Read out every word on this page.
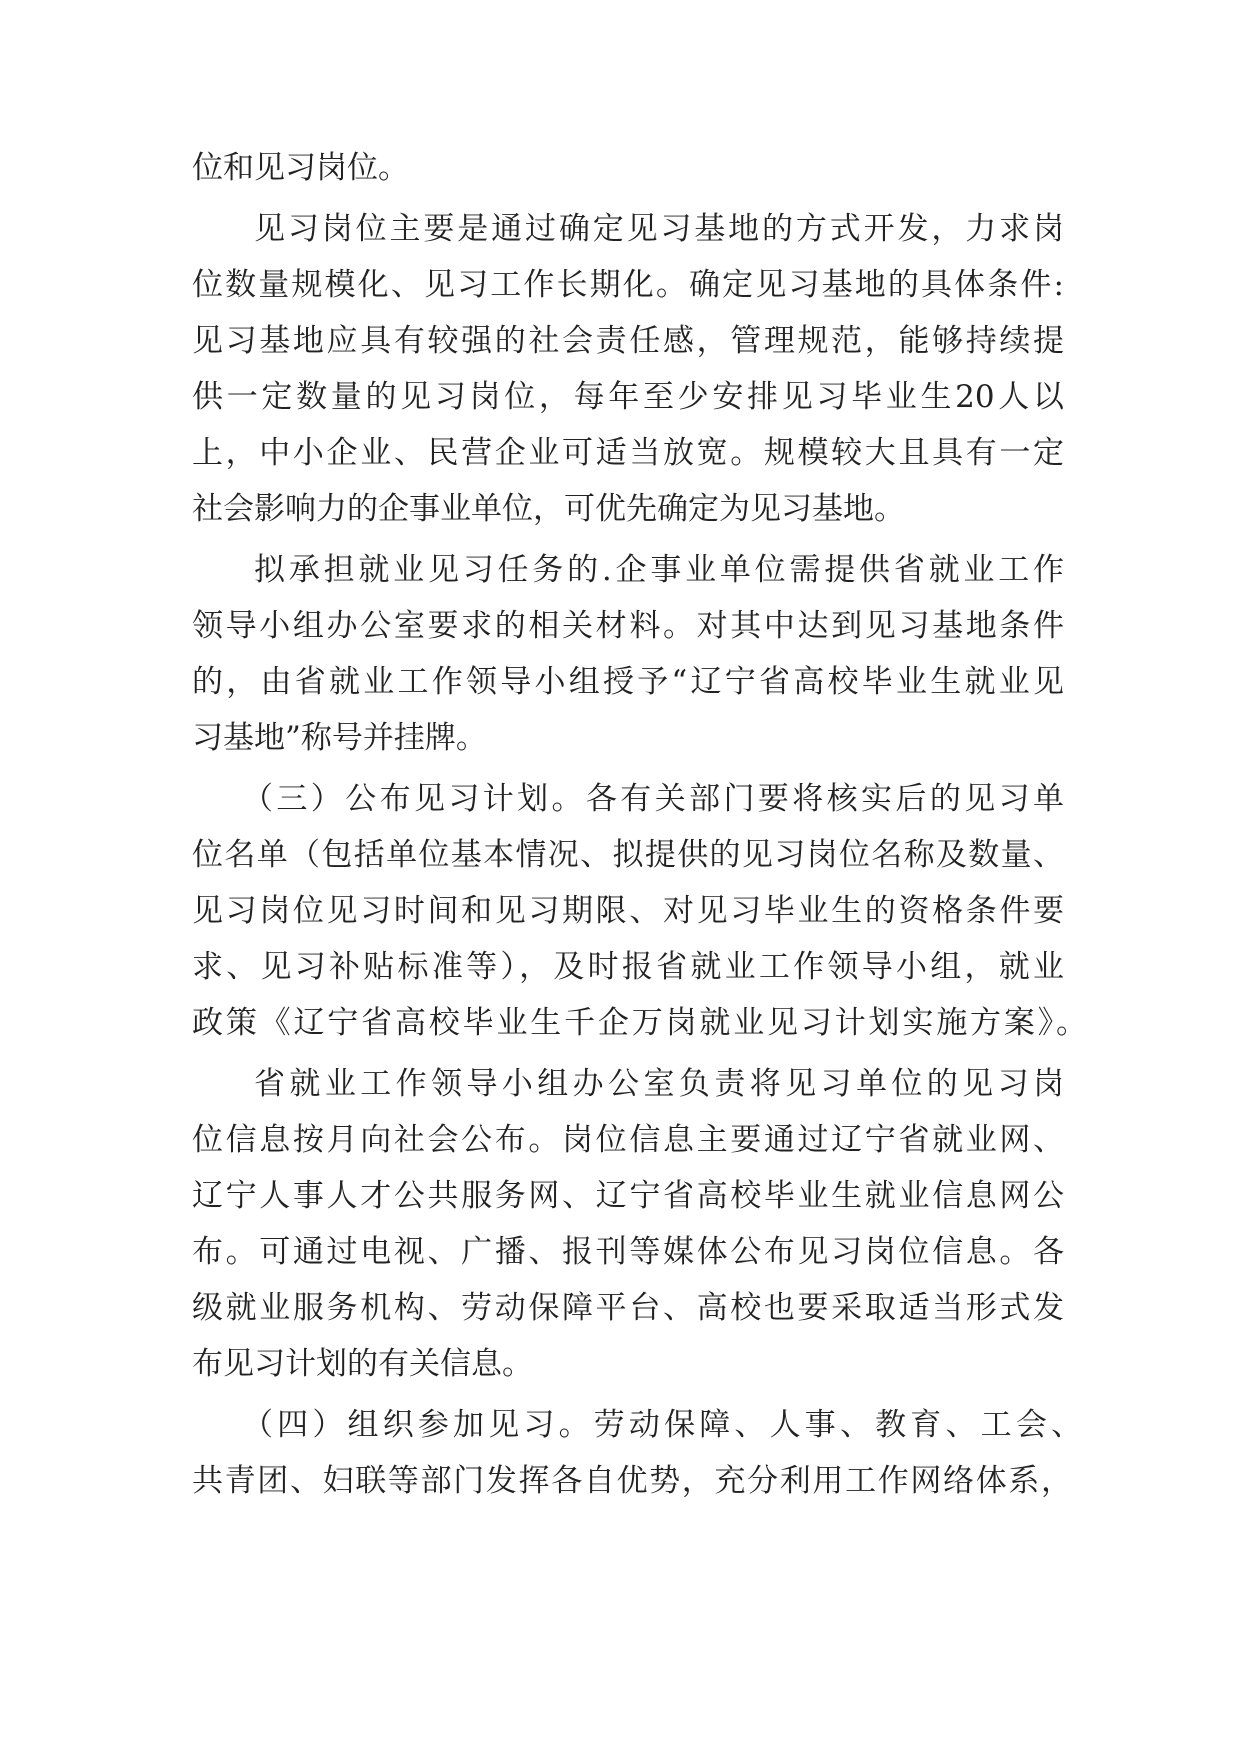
位和见习岗位。
见习岗位主要是通过确定见习基地的方式开发，力求岗
位数量规模化、见习工作长期化。确定见习基地的具体条件:
见习基地应具有较强的社会责任感，管理规范，能够持续提
供一定数量的见习岗位，每年至少安排见习毕业生20人以
上，中小企业、民营企业可适当放宽。规模较大且具有一定
社会影响力的企事业单位，可优先确定为见习基地。
拟承担就业见习任务的.企事业单位需提供省就业工作
领导小组办公室要求的相关材料。对其中达到见习基地条件
的，由省就业工作领导小组授予“辽宁省高校毕业生就业见
习基地”称号并挂牌。
（三）公布见习计划。各有关部门要将核实后的见习单
位名单（包括单位基本情况、拟提供的见习岗位名称及数量、
见习岗位见习时间和见习期限、对见习毕业生的资格条件要
求、见习补贴标准等），及时报省就业工作领导小组，就业
政策《辽宁省高校毕业生千企万岗就业见习计划实施方案》。
省就业工作领导小组办公室负责将见习单位的见习岗
位信息按月向社会公布。岗位信息主要通过辽宁省就业网、
辽宁人事人才公共服务网、辽宁省高校毕业生就业信息网公
布。可通过电视、广播、报刊等媒体公布见习岗位信息。各
级就业服务机构、劳动保障平台、高校也要采取适当形式发
布见习计划的有关信息。
（四）组织参加见习。劳动保障、人事、教育、工会、
共青团、妇联等部门发挥各自优势，充分利用工作网络体系，
